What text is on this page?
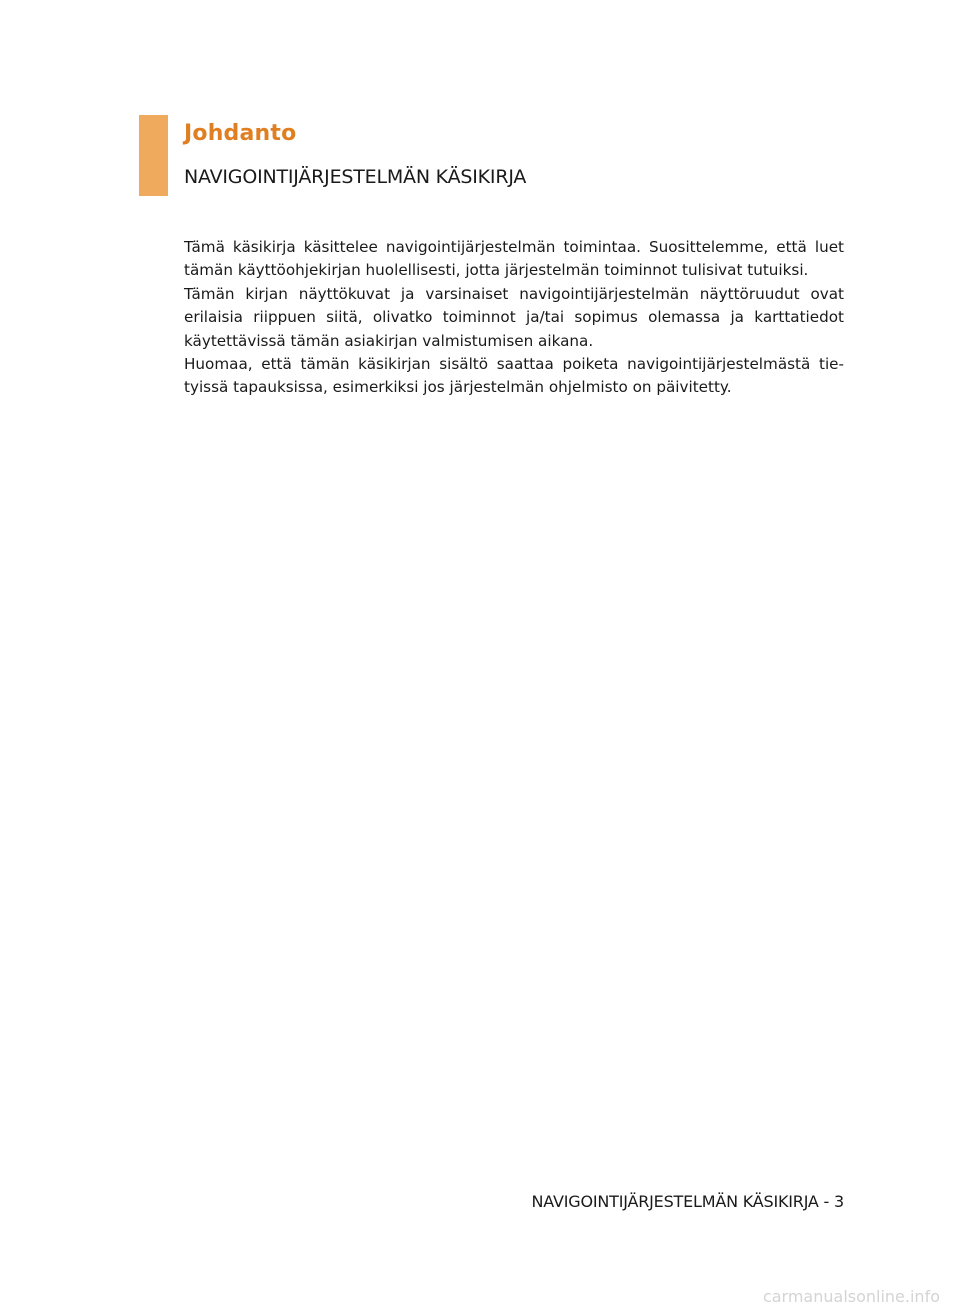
Johdanto
NAVIGOINTIJÄRJESTELMÄN KÄSIKIRJA

Tämä käsikirja käsittelee navigointijärjestelmän toimintaa. Suosittelemme, että luet tämän käyttöohjekirjan huolellisesti, jotta järjestelmän toiminnot tulisivat tutuiksi.

Tämän kirjan näyttökuvat ja varsinaiset navigointijärjestelmän näyttöruudut ovat erilaisia riippuen siitä, olivatko toiminnot ja/tai sopimus olemassa ja karttatiedot käytettävissä tämän asiakirjan valmistumisen aikana.

Huomaa, että tämän käsikirjan sisältö saattaa poiketa navigointijärjestelmästä tietyissä tapauksissa, esimerkiksi jos järjestelmän ohjelmisto on päivitetty.

NAVIGOINTIJÄRJESTELMÄN KÄSIKIRJA - 3
carmanualsonline.info
